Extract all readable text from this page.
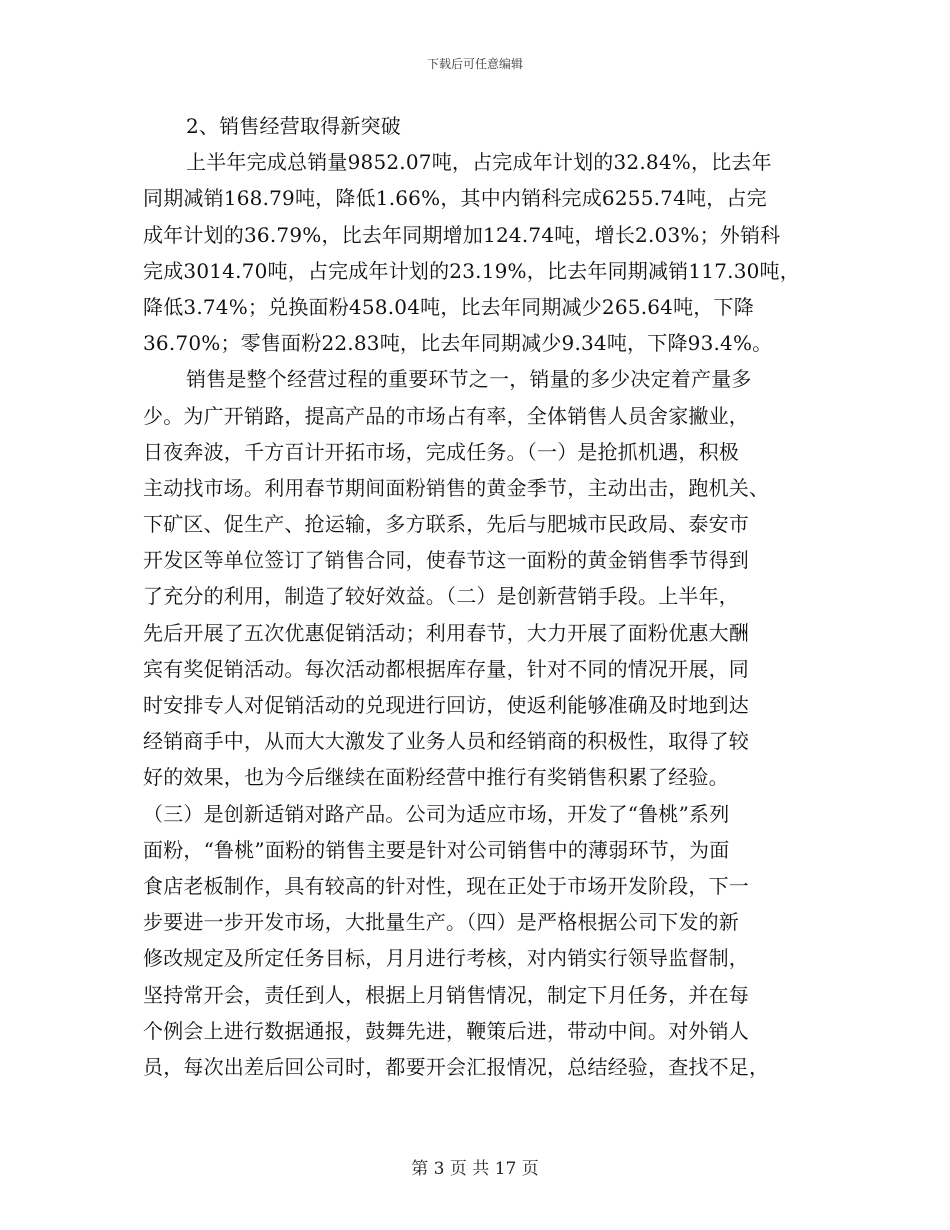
下载后可任意编辑
2、销售经营取得新突破
上半年完成总销量9852.07吨，占完成年计划的32.84%，比去年
同期减销168.79吨，降低1.66%，其中内销科完成6255.74吨，占完
成年计划的36.79%，比去年同期增加124.74吨，增长2.03%；外销科
完成3014.70吨，占完成年计划的23.19%，比去年同期减销117.30吨，
降低3.74%；兑换面粉458.04吨，比去年同期减少265.64吨，下降
36.70%；零售面粉22.83吨，比去年同期减少9.34吨，下降93.4%。
销售是整个经营过程的重要环节之一，销量的多少决定着产量多
少。为广开销路，提高产品的市场占有率，全体销售人员舍家撇业，
日夜奔波，千方百计开拓市场，完成任务。（一）是抢抓机遇，积极
主动找市场。利用春节期间面粉销售的黄金季节，主动出击，跑机关、
下矿区、促生产、抢运输，多方联系，先后与肥城市民政局、泰安市
开发区等单位签订了销售合同，使春节这一面粉的黄金销售季节得到
了充分的利用，制造了较好效益。（二）是创新营销手段。上半年，
先后开展了五次优惠促销活动；利用春节，大力开展了面粉优惠大酬
宾有奖促销活动。每次活动都根据库存量，针对不同的情况开展，同
时安排专人对促销活动的兑现进行回访，使返利能够准确及时地到达
经销商手中，从而大大激发了业务人员和经销商的积极性，取得了较
好的效果，也为今后继续在面粉经营中推行有奖销售积累了经验。
（三）是创新适销对路产品。公司为适应市场，开发了“鲁桃”系列
面粉，“鲁桃”面粉的销售主要是针对公司销售中的薄弱环节，为面
食店老板制作，具有较高的针对性，现在正处于市场开发阶段，下一
步要进一步开发市场，大批量生产。（四）是严格根据公司下发的新
修改规定及所定任务目标，月月进行考核，对内销实行领导监督制，
坚持常开会，责任到人，根据上月销售情况，制定下月任务，并在每
个例会上进行数据通报，鼓舞先进，鞭策后进，带动中间。对外销人
员，每次出差后回公司时，都要开会汇报情况，总结经验，查找不足，
第 3 页 共 17 页
